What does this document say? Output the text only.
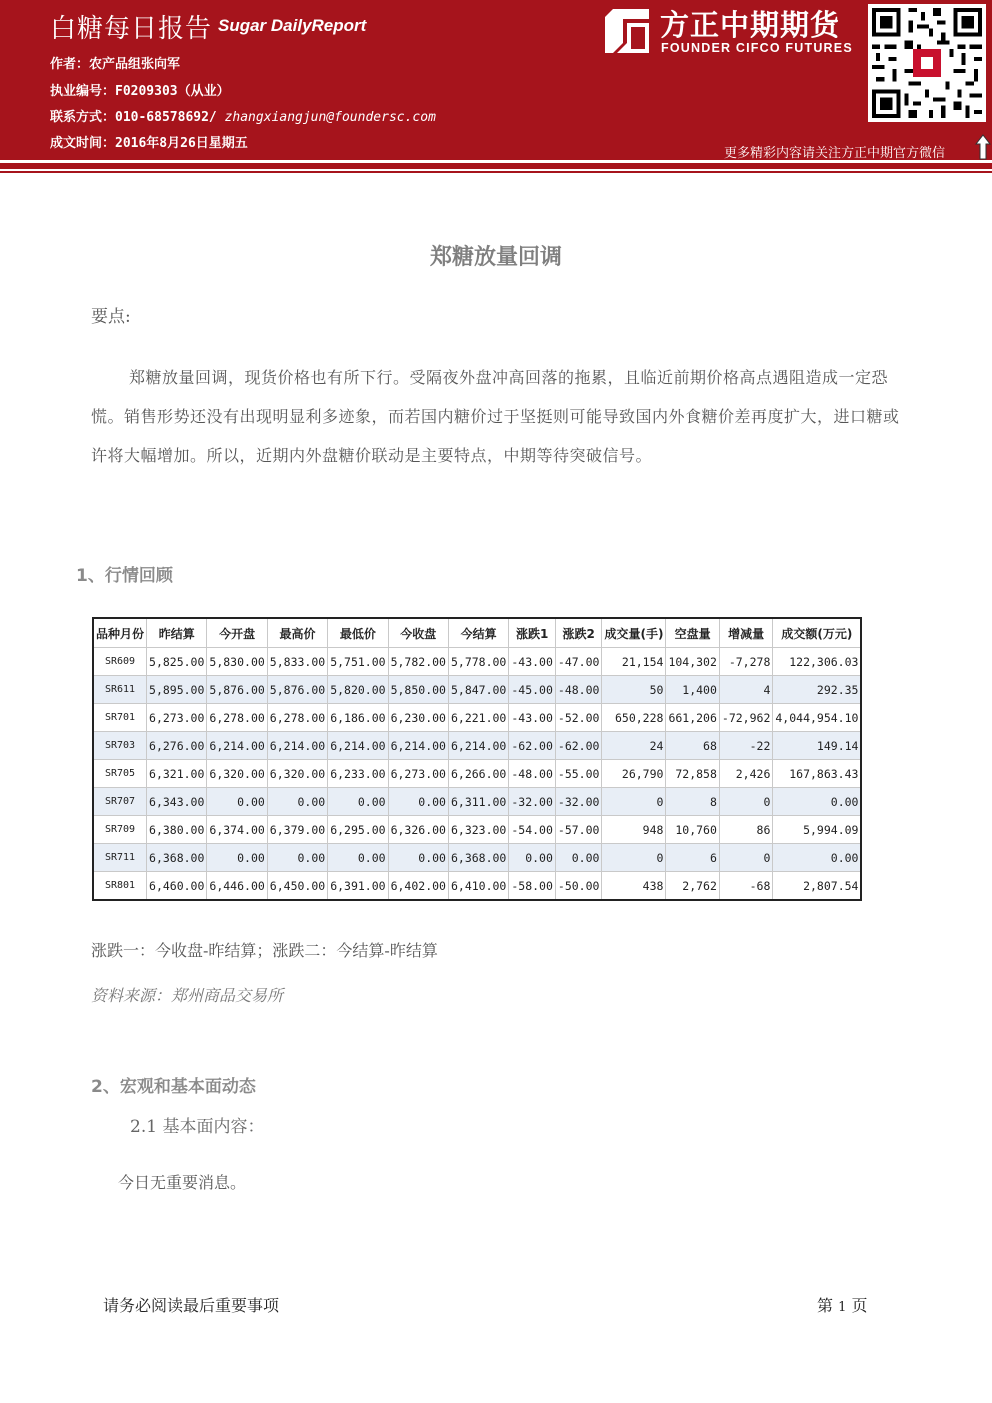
白糖每日报告 Sugar DailyReport
作者：农产品组张向军
执业编号：F0209303（从业）
联系方式：010-68578692/ zhangxiangjun@foundersc.com
成文时间：2016年8月26日星期五
方正中期期货
FOUNDER CIFCO FUTURES
更多精彩内容请关注方正中期官方微信
郑糖放量回调
要点:
郑糖放量回调，现货价格也有所下行。受隔夜外盘冲高回落的拖累，且临近前期价格高点遇阻造成一定恐慌。销售形势还没有出现明显利多迹象，而若国内糖价过于坚挺则可能导致国内外食糖价差再度扩大，进口糖或许将大幅增加。所以，近期内外盘糖价联动是主要特点，中期等待突破信号。
1、行情回顾
品种月份	昨结算	今开盘	最高价	最低价	今收盘	今结算	涨跌1	涨跌2	成交量(手)	空盘量	增减量	成交额(万元)
SR609	5,825.00	5,830.00	5,833.00	5,751.00	5,782.00	5,778.00	-43.00	-47.00	21,154	104,302	-7,278	122,306.03
SR611	5,895.00	5,876.00	5,876.00	5,820.00	5,850.00	5,847.00	-45.00	-48.00	50	1,400	4	292.35
SR701	6,273.00	6,278.00	6,278.00	6,186.00	6,230.00	6,221.00	-43.00	-52.00	650,228	661,206	-72,962	4,044,954.10
SR703	6,276.00	6,214.00	6,214.00	6,214.00	6,214.00	6,214.00	-62.00	-62.00	24	68	-22	149.14
SR705	6,321.00	6,320.00	6,320.00	6,233.00	6,273.00	6,266.00	-48.00	-55.00	26,790	72,858	2,426	167,863.43
SR707	6,343.00	0.00	0.00	0.00	0.00	6,311.00	-32.00	-32.00	0	8	0	0.00
SR709	6,380.00	6,374.00	6,379.00	6,295.00	6,326.00	6,323.00	-54.00	-57.00	948	10,760	86	5,994.09
SR711	6,368.00	0.00	0.00	0.00	0.00	6,368.00	0.00	0.00	0	6	0	0.00
SR801	6,460.00	6,446.00	6,450.00	6,391.00	6,402.00	6,410.00	-58.00	-50.00	438	2,762	-68	2,807.54
涨跌一：今收盘-昨结算；涨跌二：今结算-昨结算
资料来源：郑州商品交易所
2、宏观和基本面动态
2.1 基本面内容：
今日无重要消息。
请务必阅读最后重要事项	第 1 页
